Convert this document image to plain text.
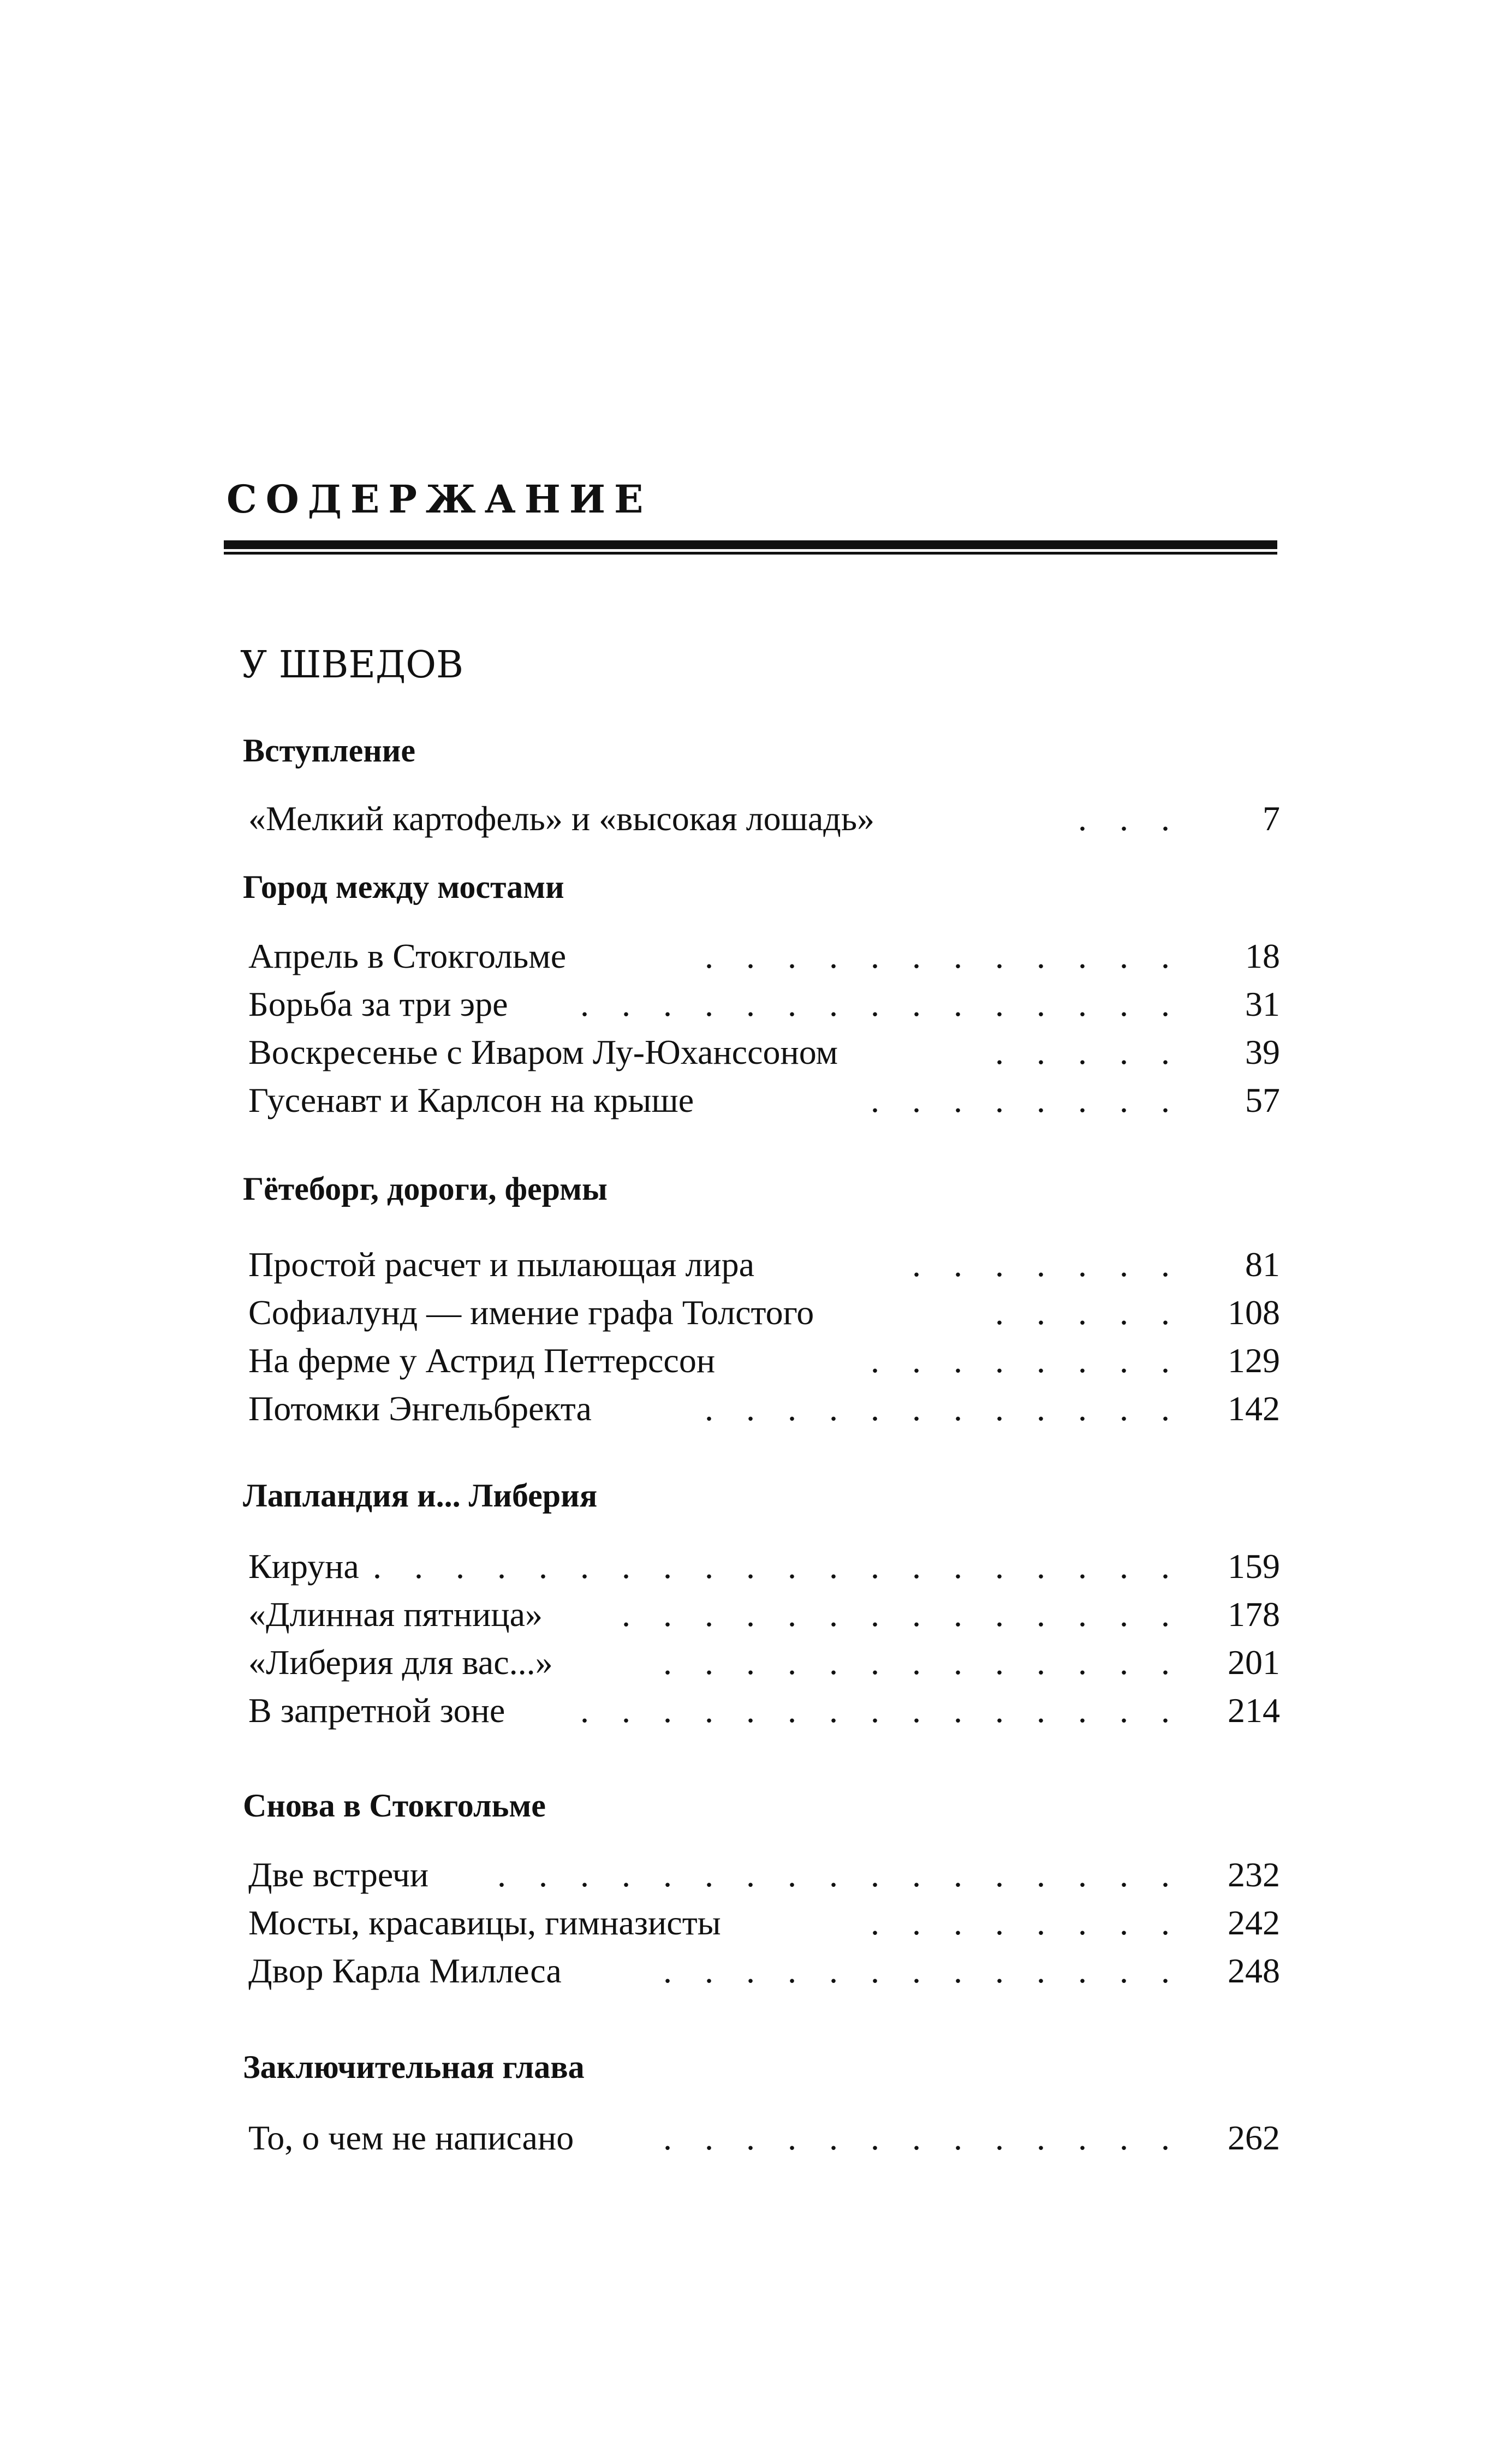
СОДЕРЖАНИЕ
У ШВЕДОВ
Вступление
«Мелкий картофель» и «высокая лошадь»	. . . 7
Город между мостами
Апрель в Стокгольме	. . . . . . . . . . . . 18
Борьба за три эре . . . . . . . . . . . . . . . 31
Воскресенье с Иваром Лу-Юханссоном	. . . . . 39
Гусенавт и Карлсон на крыше	. . . . . . . . 57
Гётеборг, дороги, фермы
Простой расчет и пылающая лира	. . . . . . . 81
Софиалунд — имение графа Толстого	. . . . . 108
На ферме у Астрид Петтерссон	. . . . . . . . 129
Потомки Энгельбректа	. . . . . . . . . . . . 142
Лапландия и... Либерия
Кируна . . . . . . . . . . . . . . . . . . . . 159
«Длинная пятница» . . . . . . . . . . . . . . 178
«Либерия для вас...»	. . . . . . . . . . . . . 201
В запретной зоне . . . . . . . . . . . . . . . 214
Снова в Стокгольме
Две встречи . . . . . . . . . . . . . . . . . 232
Мосты, красавицы, гимназисты	. . . . . . . . 242
Двор Карла Миллеса	. . . . . . . . . . . . . 248
Заключительная глава
То, о чем не написано	. . . . . . . . . . . . . 262
